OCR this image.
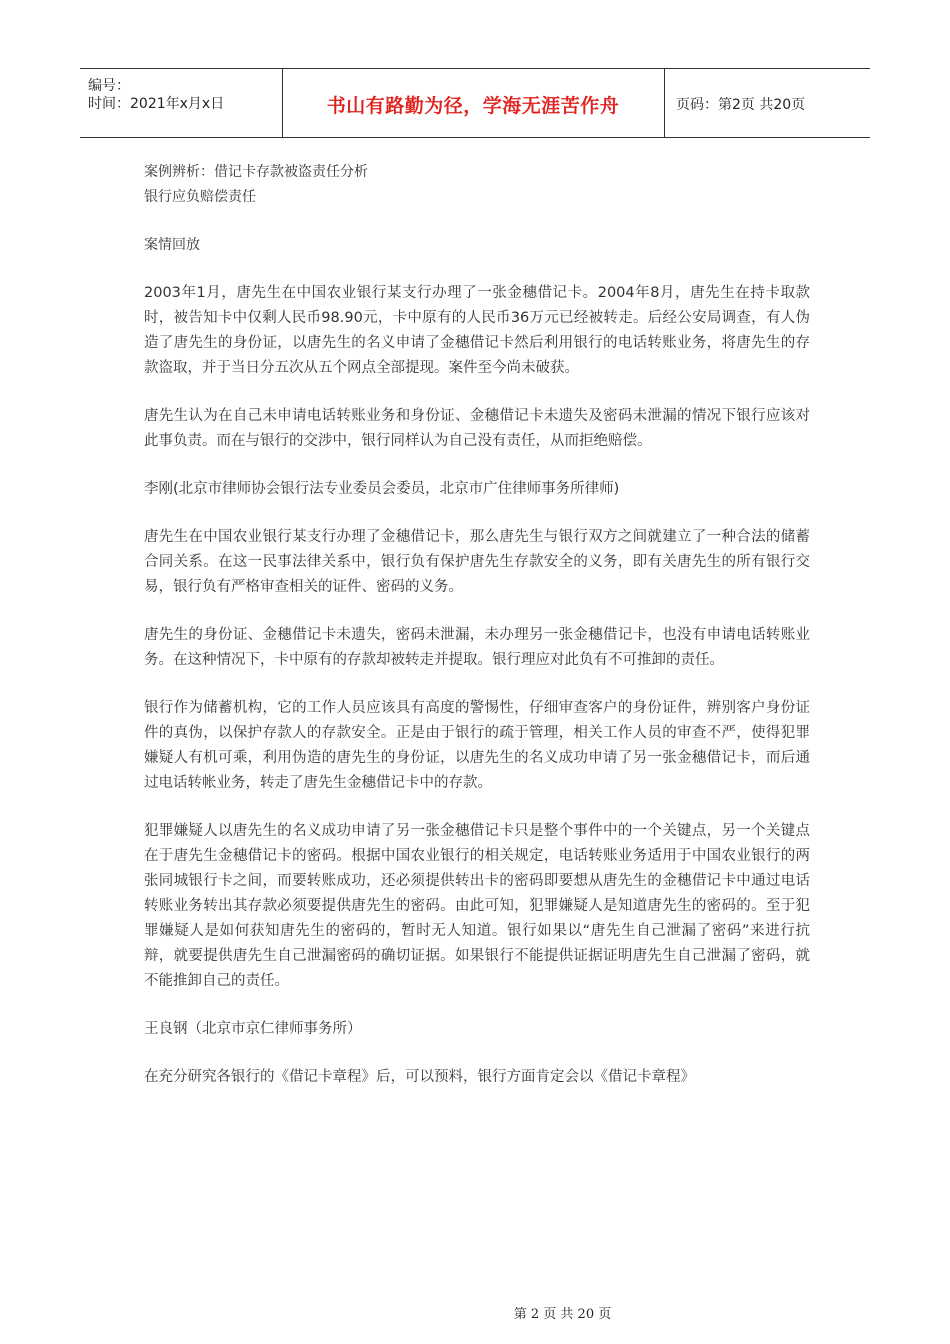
编号：
时间：2021年x月x日	书山有路勤为径，学海无涯苦作舟	页码：第2页 共20页

案例辨析：借记卡存款被盗责任分析

银行应负赔偿责任

案情回放

2003年1月，唐先生在中国农业银行某支行办理了一张金穗借记卡。2004年8月，唐先生在持卡取款时，被告知卡中仅剩人民币98.90元，卡中原有的人民币36万元已经被转走。后经公安局调查，有人伪造了唐先生的身份证，以唐先生的名义申请了金穗借记卡然后利用银行的电话转账业务，将唐先生的存款盗取，并于当日分五次从五个网点全部提现。案件至今尚未破获。

唐先生认为在自己未申请电话转账业务和身份证、金穗借记卡未遗失及密码未泄漏的情况下银行应该对此事负责。而在与银行的交涉中，银行同样认为自己没有责任，从而拒绝赔偿。

李刚(北京市律师协会银行法专业委员会委员，北京市广住律师事务所律师)

唐先生在中国农业银行某支行办理了金穗借记卡，那么唐先生与银行双方之间就建立了一种合法的储蓄合同关系。在这一民事法律关系中，银行负有保护唐先生存款安全的义务，即有关唐先生的所有银行交易，银行负有严格审查相关的证件、密码的义务。

唐先生的身份证、金穗借记卡未遗失，密码未泄漏，未办理另一张金穗借记卡，也没有申请电话转账业务。在这种情况下，卡中原有的存款却被转走并提取。银行理应对此负有不可推卸的责任。

银行作为储蓄机构，它的工作人员应该具有高度的警惕性，仔细审查客户的身份证件，辨别客户身份证件的真伪，以保护存款人的存款安全。正是由于银行的疏于管理，相关工作人员的审查不严，使得犯罪嫌疑人有机可乘，利用伪造的唐先生的身份证，以唐先生的名义成功申请了另一张金穗借记卡，而后通过电话转帐业务，转走了唐先生金穗借记卡中的存款。

犯罪嫌疑人以唐先生的名义成功申请了另一张金穗借记卡只是整个事件中的一个关键点，另一个关键点在于唐先生金穗借记卡的密码。根据中国农业银行的相关规定，电话转账业务适用于中国农业银行的两张同城银行卡之间，而要转账成功，还必须提供转出卡的密码即要想从唐先生的金穗借记卡中通过电话转账业务转出其存款必须要提供唐先生的密码。由此可知，犯罪嫌疑人是知道唐先生的密码的。至于犯罪嫌疑人是如何获知唐先生的密码的，暂时无人知道。银行如果以“唐先生自己泄漏了密码”来进行抗辩，就要提供唐先生自己泄漏密码的确切证据。如果银行不能提供证据证明唐先生自己泄漏了密码，就不能推卸自己的责任。

王良钢（北京市京仁律师事务所）

在充分研究各银行的《借记卡章程》后，可以预料，银行方面肯定会以《借记卡章程》

第 2 页 共 20 页
